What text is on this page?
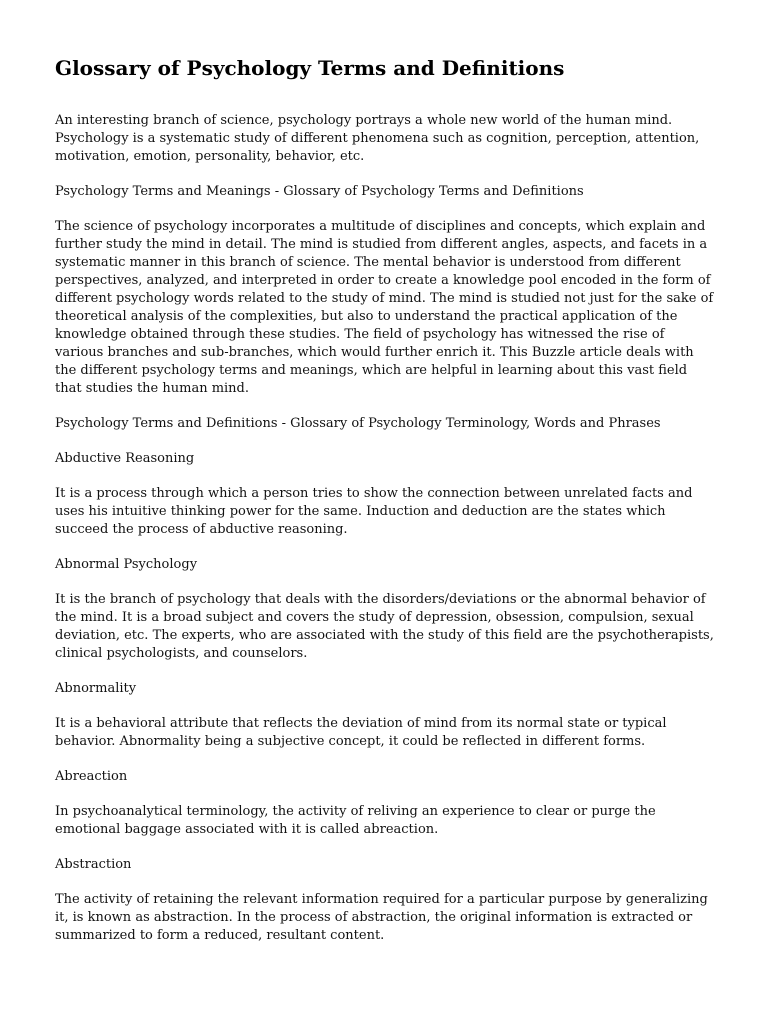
Glossary of Psychology Terms and Definitions

An interesting branch of science, psychology portrays a whole new world of the human mind. Psychology is a systematic study of different phenomena such as cognition, perception, attention, motivation, emotion, personality, behavior, etc.

Psychology Terms and Meanings - Glossary of Psychology Terms and Definitions

The science of psychology incorporates a multitude of disciplines and concepts, which explain and further study the mind in detail. The mind is studied from different angles, aspects, and facets in a systematic manner in this branch of science. The mental behavior is understood from different perspectives, analyzed, and interpreted in order to create a knowledge pool encoded in the form of different psychology words related to the study of mind. The mind is studied not just for the sake of theoretical analysis of the complexities, but also to understand the practical application of the knowledge obtained through these studies. The field of psychology has witnessed the rise of various branches and sub-branches, which would further enrich it. This Buzzle article deals with the different psychology terms and meanings, which are helpful in learning about this vast field that studies the human mind.

Psychology Terms and Definitions - Glossary of Psychology Terminology, Words and Phrases

Abductive Reasoning

It is a process through which a person tries to show the connection between unrelated facts and uses his intuitive thinking power for the same. Induction and deduction are the states which succeed the process of abductive reasoning.

Abnormal Psychology

It is the branch of psychology that deals with the disorders/deviations or the abnormal behavior of the mind. It is a broad subject and covers the study of depression, obsession, compulsion, sexual deviation, etc. The experts, who are associated with the study of this field are the psychotherapists, clinical psychologists, and counselors.

Abnormality

It is a behavioral attribute that reflects the deviation of mind from its normal state or typical behavior. Abnormality being a subjective concept, it could be reflected in different forms.

Abreaction

In psychoanalytical terminology, the activity of reliving an experience to clear or purge the emotional baggage associated with it is called abreaction.

Abstraction

The activity of retaining the relevant information required for a particular purpose by generalizing it, is known as abstraction. In the process of abstraction, the original information is extracted or summarized to form a reduced, resultant content.
